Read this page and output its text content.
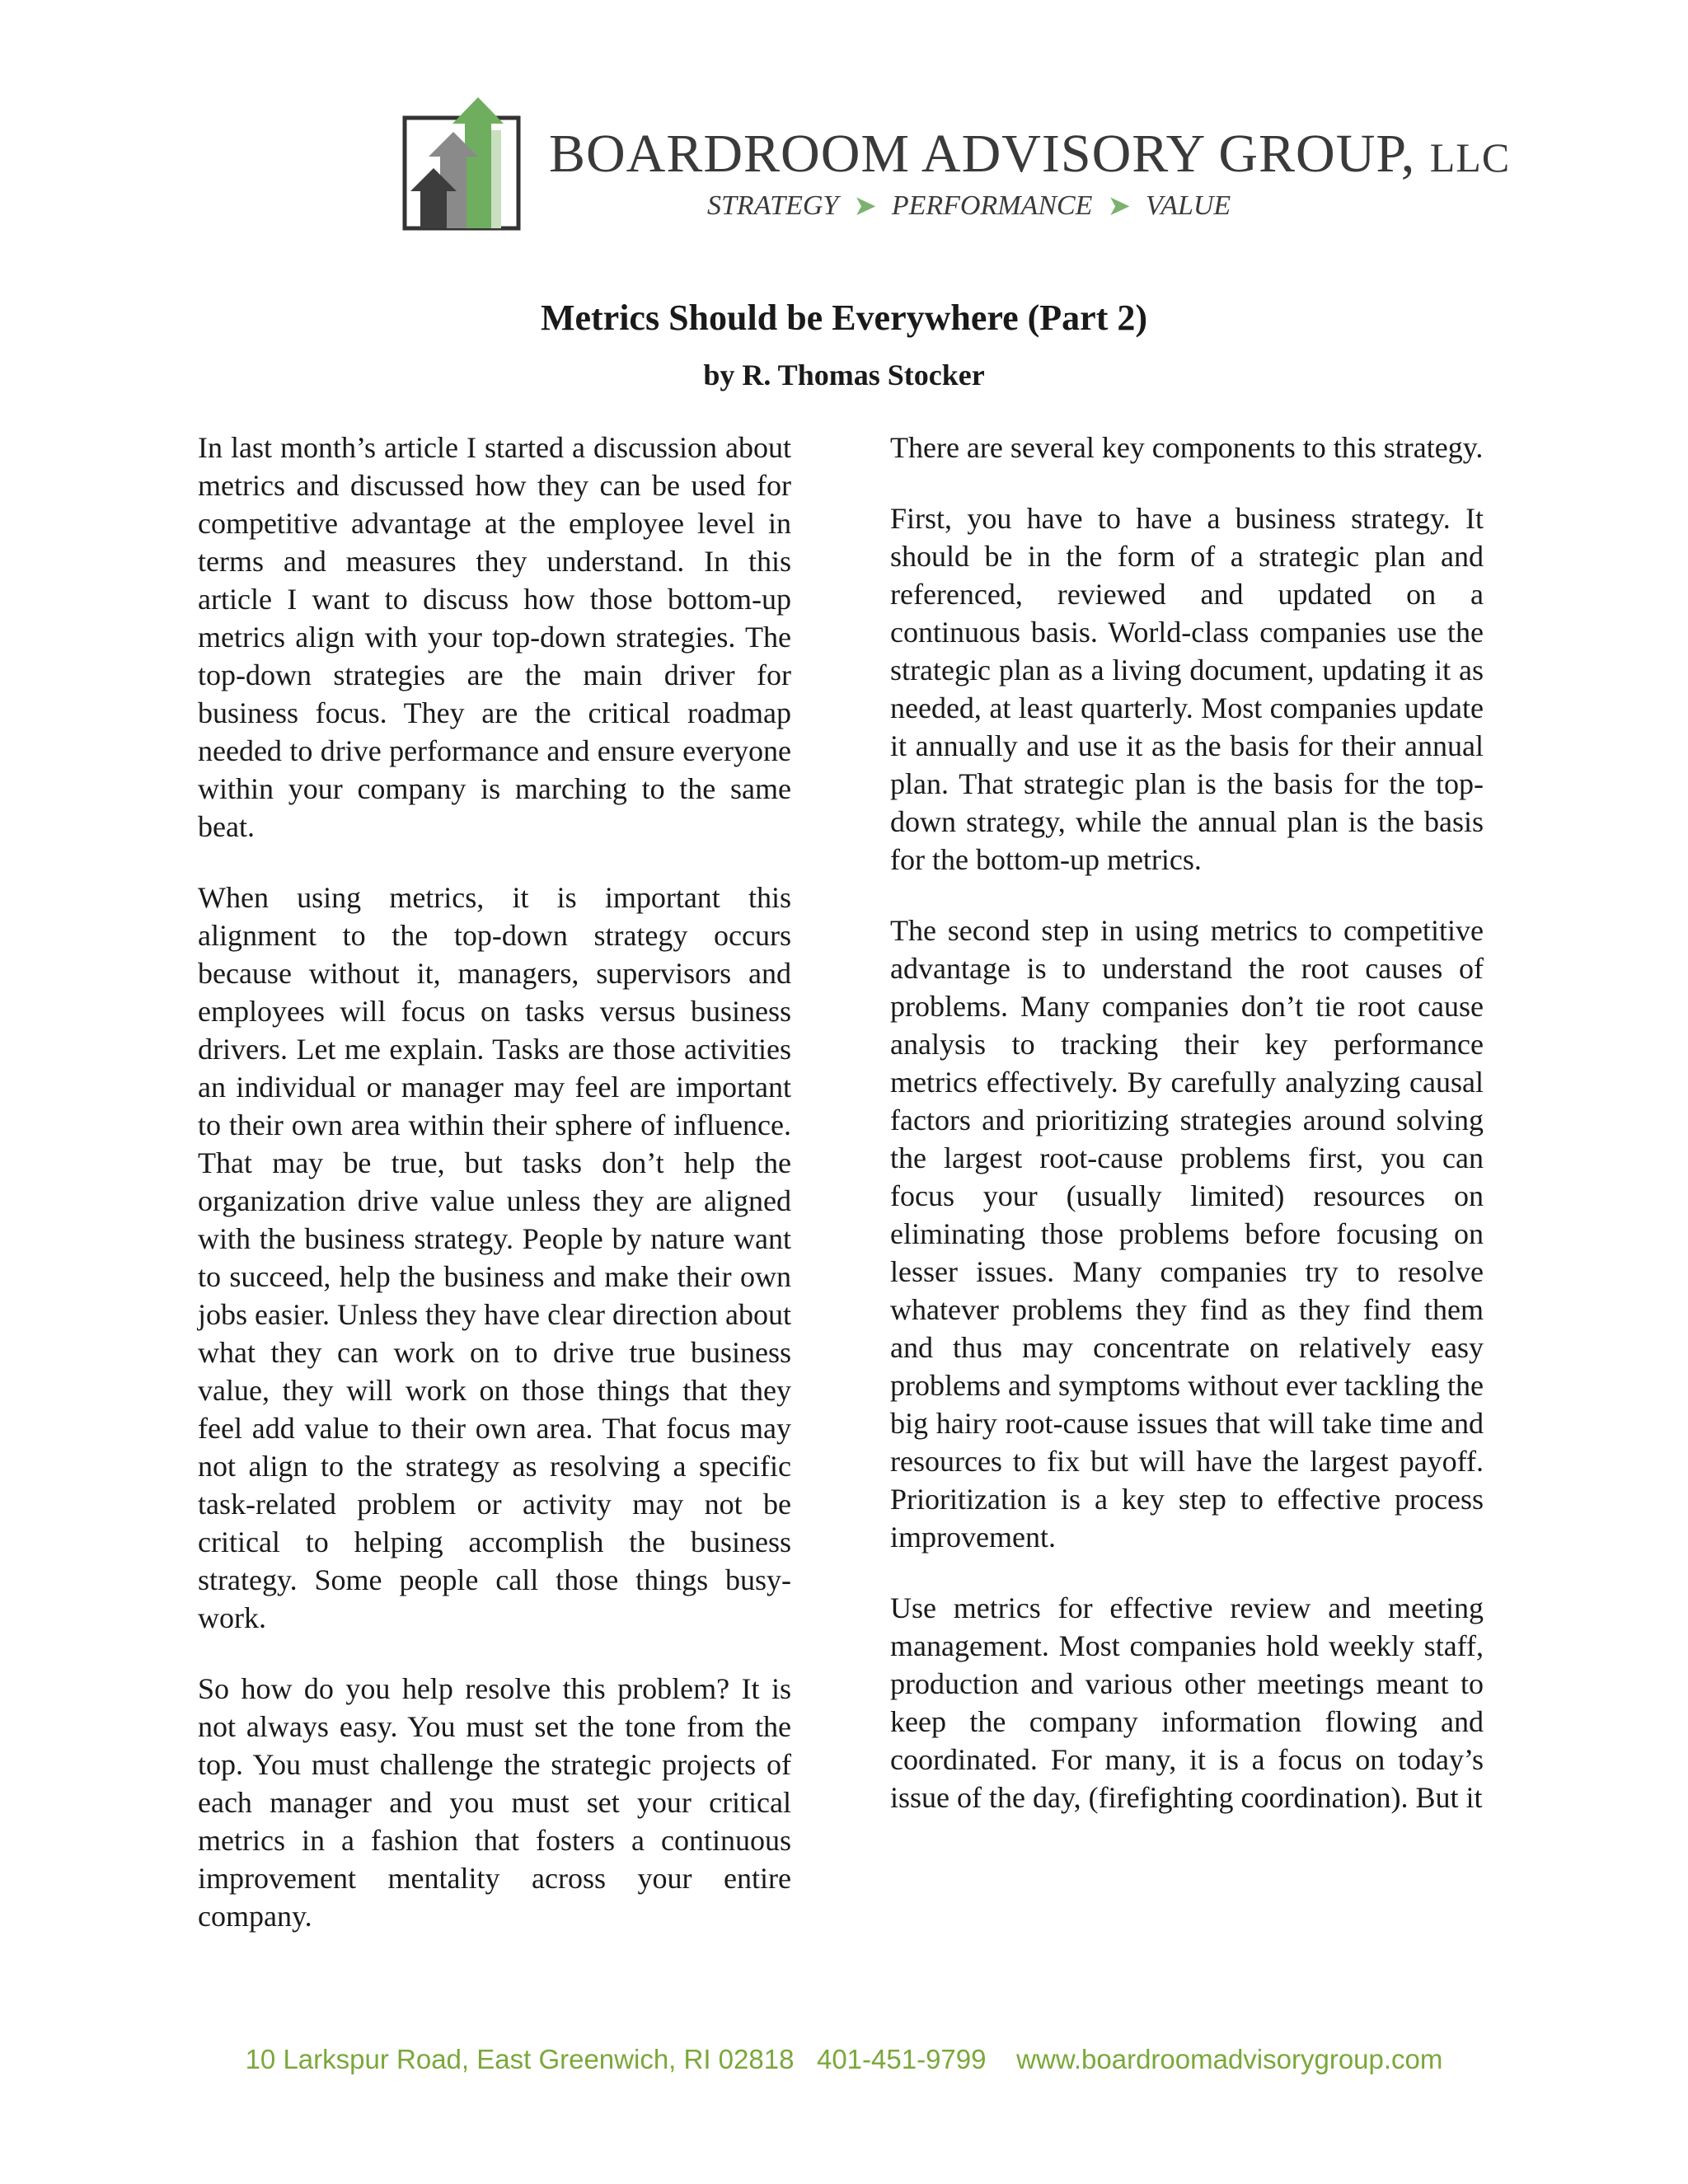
BOARDROOM ADVISORY GROUP, LLC
STRATEGY ➤ PERFORMANCE ➤ VALUE
Metrics Should be Everywhere (Part 2)
by R. Thomas Stocker

In last month’s article I started a discussion about metrics and discussed how they can be used for competitive advantage at the employee level in terms and measures they understand. In this article I want to discuss how those bottom-up metrics align with your top-down strategies. The top-down strategies are the main driver for business focus. They are the critical roadmap needed to drive performance and ensure everyone within your company is marching to the same beat.

When using metrics, it is important this alignment to the top-down strategy occurs because without it, managers, supervisors and employees will focus on tasks versus business drivers. Let me explain. Tasks are those activities an individual or manager may feel are important to their own area within their sphere of influence. That may be true, but tasks don’t help the organization drive value unless they are aligned with the business strategy. People by nature want to succeed, help the business and make their own jobs easier. Unless they have clear direction about what they can work on to drive true business value, they will work on those things that they feel add value to their own area. That focus may not align to the strategy as resolving a specific task-related problem or activity may not be critical to helping accomplish the business strategy. Some people call those things busy-work.

So how do you help resolve this problem? It is not always easy. You must set the tone from the top. You must challenge the strategic projects of each manager and you must set your critical metrics in a fashion that fosters a continuous improvement mentality across your entire company.

There are several key components to this strategy.

First, you have to have a business strategy. It should be in the form of a strategic plan and referenced, reviewed and updated on a continuous basis. World-class companies use the strategic plan as a living document, updating it as needed, at least quarterly. Most companies update it annually and use it as the basis for their annual plan. That strategic plan is the basis for the top-down strategy, while the annual plan is the basis for the bottom-up metrics.

The second step in using metrics to competitive advantage is to understand the root causes of problems. Many companies don’t tie root cause analysis to tracking their key performance metrics effectively. By carefully analyzing causal factors and prioritizing strategies around solving the largest root-cause problems first, you can focus your (usually limited) resources on eliminating those problems before focusing on lesser issues. Many companies try to resolve whatever problems they find as they find them and thus may concentrate on relatively easy problems and symptoms without ever tackling the big hairy root-cause issues that will take time and resources to fix but will have the largest payoff. Prioritization is a key step to effective process improvement.

Use metrics for effective review and meeting management. Most companies hold weekly staff, production and various other meetings meant to keep the company information flowing and coordinated. For many, it is a focus on today’s issue of the day, (firefighting coordination). But it

10 Larkspur Road, East Greenwich, RI 02818 401-451-9799 www.boardroomadvisorygroup.com
